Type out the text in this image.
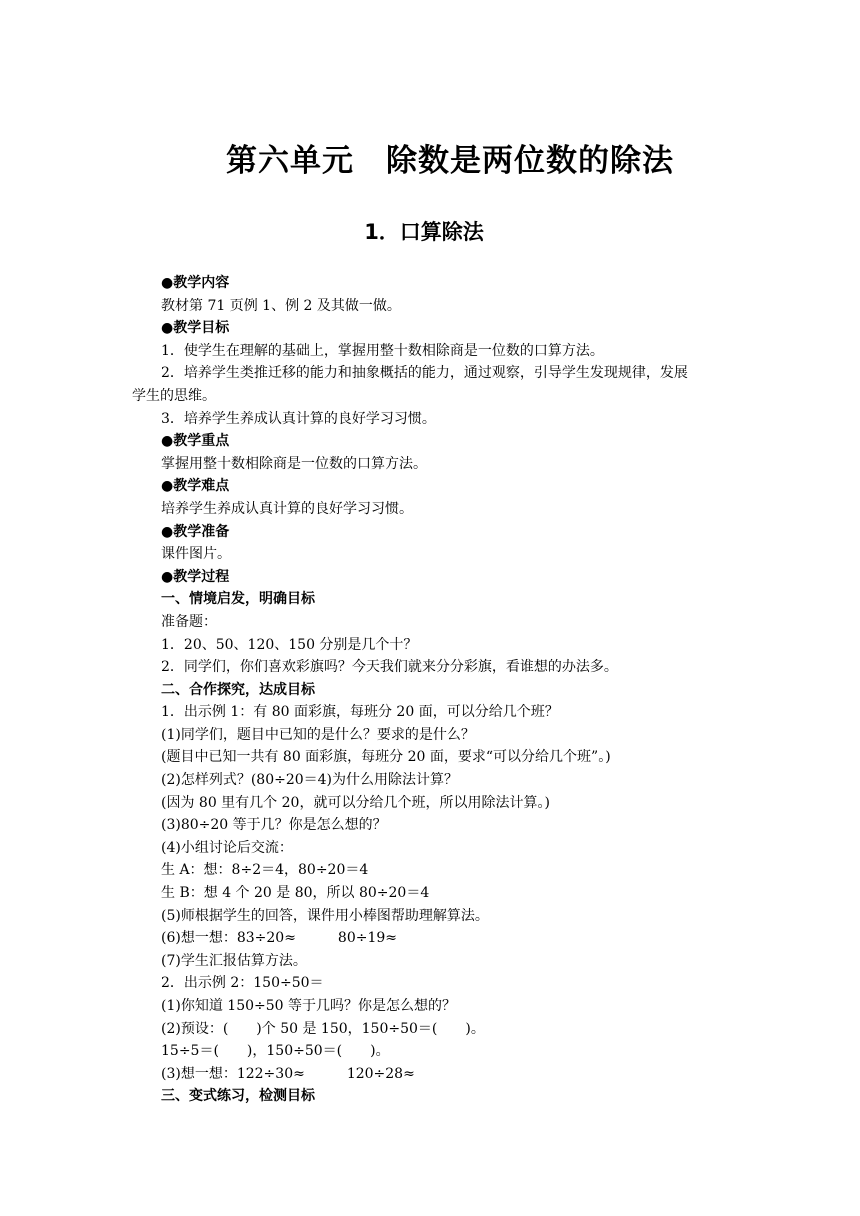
第六单元　除数是两位数的除法
1．口算除法
●教学内容
教材第 71 页例 1、例 2 及其做一做。
●教学目标
1．使学生在理解的基础上，掌握用整十数相除商是一位数的口算方法。
2．培养学生类推迁移的能力和抽象概括的能力，通过观察，引导学生发现规律，发展
学生的思维。
3．培养学生养成认真计算的良好学习习惯。
●教学重点
掌握用整十数相除商是一位数的口算方法。
●教学难点
培养学生养成认真计算的良好学习习惯。
●教学准备
课件图片。
●教学过程
一、情境启发，明确目标
准备题：
1．20、50、120、150 分别是几个十？
2．同学们，你们喜欢彩旗吗？今天我们就来分分彩旗，看谁想的办法多。
二、合作探究，达成目标
1．出示例 1：有 80 面彩旗，每班分 20 面，可以分给几个班？
(1)同学们，题目中已知的是什么？要求的是什么？
(题目中已知一共有 80 面彩旗，每班分 20 面，要求“可以分给几个班”。)
(2)怎样列式？(80÷20＝4)为什么用除法计算？
(因为 80 里有几个 20，就可以分给几个班，所以用除法计算。)
(3)80÷20 等于几？你是怎么想的？
(4)小组讨论后交流：
生 A：想：8÷2＝4，80÷20＝4
生 B：想 4 个 20 是 80，所以 80÷20＝4
(5)师根据学生的回答，课件用小棒图帮助理解算法。
(6)想一想：83÷20≈　　　80÷19≈
(7)学生汇报估算方法。
2．出示例 2：150÷50＝
(1)你知道 150÷50 等于几吗？你是怎么想的？
(2)预设：(　　)个 50 是 150，150÷50＝(　　)。
15÷5＝(　　)，150÷50＝(　　)。
(3)想一想：122÷30≈　　　120÷28≈
三、变式练习，检测目标
